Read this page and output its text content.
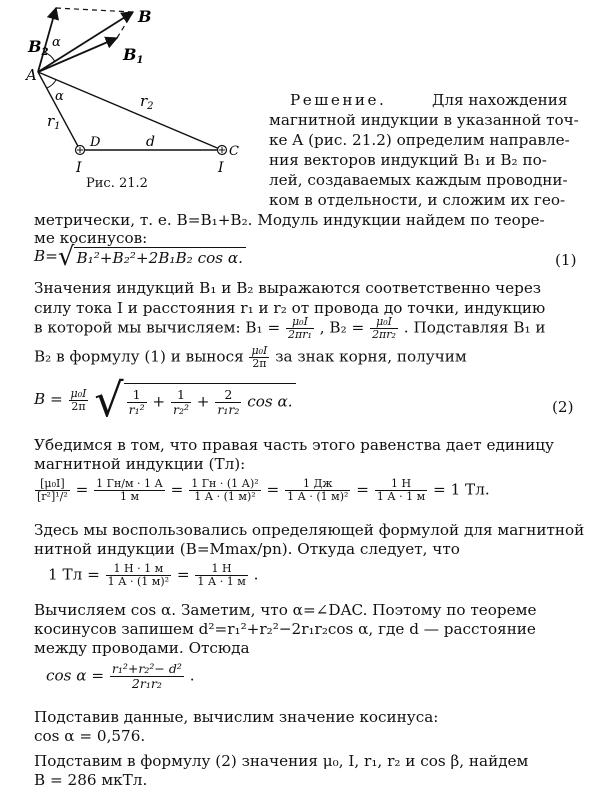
B
B1
B2
α
A
α
$r_1$
$r_2$
D
C
d
I	I
Рис. 21.2
Решение.	Для нахождения
магнитной индукции в указанной точ-
ке A (рис. 21.2) определим направле-
ния векторов индукций B₁ и B₂ по-
лей, создаваемых каждым проводни-
ком в отдельности, и сложим их гео-
метрически, т. е. B=B₁+B₂. Модуль индукции найдем по теоре-
ме косинусов:
B=√ B₁²+B₂²+2B₁B₂ cos α.	(1)
Значения индукций B₁ и B₂ выражаются соответственно через
силу тока I и расстояния r₁ и r₂ от провода до точки, индукцию
в которой мы вычисляем: $B_1 = \frac{\text{μ₀I}}{\text{2πr₁}}$ , $B_2 = \frac{\text{μ₀I}}{\text{2πr₂}}$ . Подставляя B₁ и
B₂ в формулу (1) и вынося $\frac{\text{μ₀I}}{2\pi}$ за знак корня, получим
$B = \frac{\text{μ₀I}}{2\pi}$ √ $\frac{1}{\text{r₁²}} + \frac{1}{\text{r₂²}} + \frac{2}{\text{r₁r₂}}$ cos α.	(2)
Убедимся в том, что правая часть этого равенства дает единицу
магнитной индукции (Тл):
$\frac{\text{[μ₀I]}}{\text{[r²]¹/²}} = \frac{1 Гн/м \cdot 1 А}{1 м} = \frac{\text{1 Гн · (1 А)²}}{\text{1 А · (1 м)²}} = \frac{1 Дж}{\text{1 А · (1 м)²}} = \frac{1 Н}{1 А \cdot 1 м} = 1$ Тл.
Здесь мы воспользовались определяющей формулой для магнитной
нитной индукции (B=Mmax/pn). Откуда следует, что
1 Тл = $\frac{1 Н \cdot 1 м}{\text{1 А · (1 м)²}} = \frac{1 Н}{1 А \cdot 1 м}$ .
Вычисляем cos α. Заметим, что α=∠DAC. Поэтому по теореме
косинусов запишем d²=r₁²+r₂²−2r₁r₂cos α, где d — расстояние
между проводами. Отсюда
$\cos \alpha = \frac{\text{r₁²+r₂²− d²}}{\text{2r₁r₂}}$ .
Подставив данные, вычислим значение косинуса:
cos α = 0,576.
Подставим в формулу (2) значения μ₀, I, r₁, r₂ и cos β, найдем
B = 286 мкТл.
